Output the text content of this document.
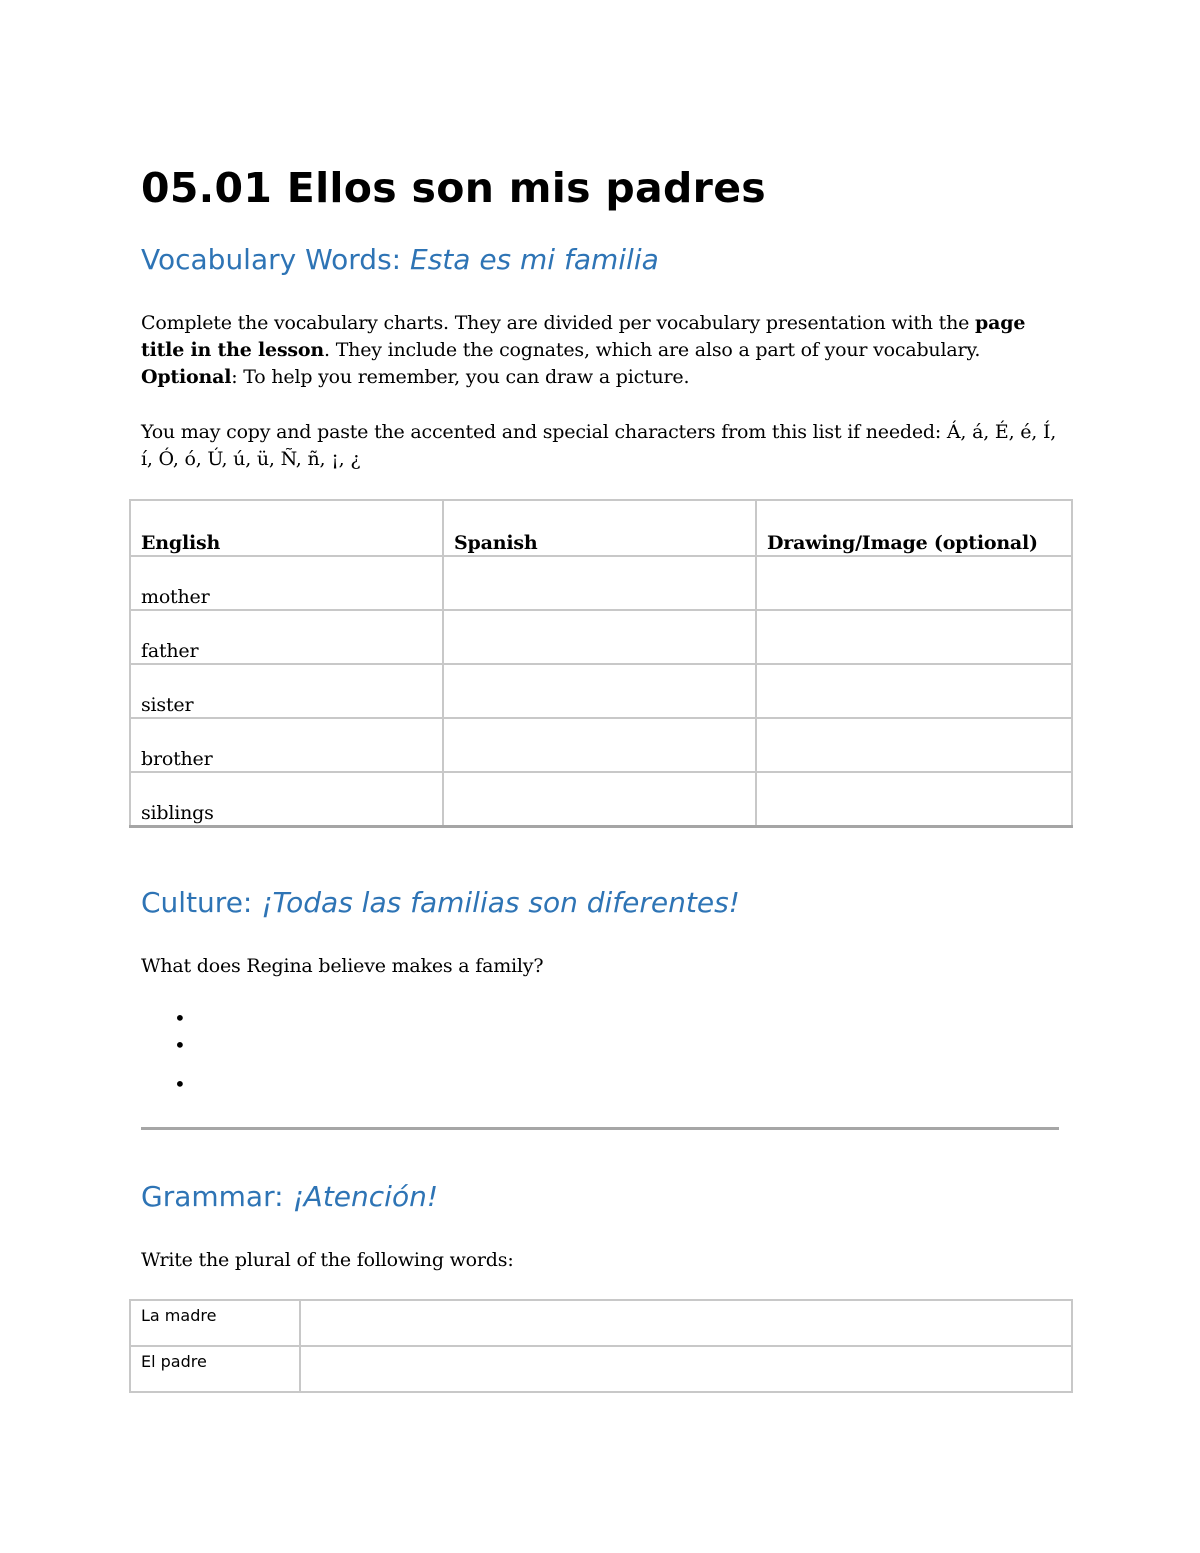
05.01 Ellos son mis padres
Vocabulary Words: Esta es mi familia

Complete the vocabulary charts. They are divided per vocabulary presentation with the page title in the lesson. They include the cognates, which are also a part of your vocabulary. Optional: To help you remember, you can draw a picture.

You may copy and paste the accented and special characters from this list if needed: Á, á, É, é, Í, í, Ó, ó, Ú, ú, ü, Ñ, ñ, ¡, ¿

English	Spanish	Drawing/Image (optional)
mother		
father		
sister		
brother		
siblings		
Culture: ¡Todas las familias son diferentes!

What does Regina believe makes a family?

•
•
•
Grammar: ¡Atención!

Write the plural of the following words:

La madre	
El padre	
